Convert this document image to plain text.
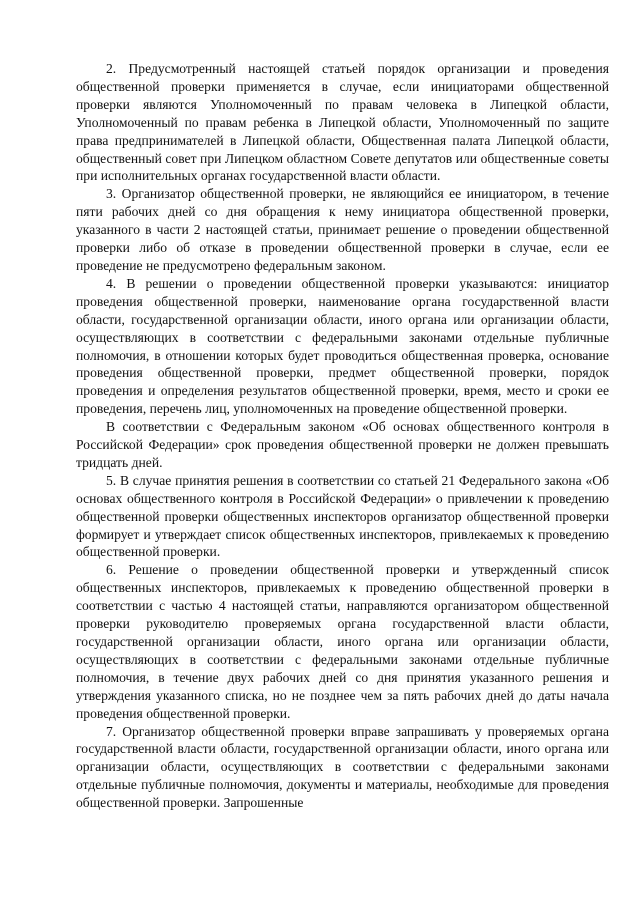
2. Предусмотренный настоящей статьей порядок организации и проведения общественной проверки применяется в случае, если инициаторами общественной проверки являются Уполномоченный по правам человека в Липецкой области, Уполномоченный по правам ребенка в Липецкой области, Уполномоченный по защите права предпринимателей в Липецкой области, Общественная палата Липецкой области, общественный совет при Липецком областном Совете депутатов или общественные советы при исполнительных органах государственной власти области.

3. Организатор общественной проверки, не являющийся ее инициатором, в течение пяти рабочих дней со дня обращения к нему инициатора общественной проверки, указанного в части 2 настоящей статьи, принимает решение о проведении общественной проверки либо об отказе в проведении общественной проверки в случае, если ее проведение не предусмотрено федеральным законом.

4. В решении о проведении общественной проверки указываются: инициатор проведения общественной проверки, наименование органа государственной власти области, государственной организации области, иного органа или организации области, осуществляющих в соответствии с федеральными законами отдельные публичные полномочия, в отношении которых будет проводиться общественная проверка, основание проведения общественной проверки, предмет общественной проверки, порядок проведения и определения результатов общественной проверки, время, место и сроки ее проведения, перечень лиц, уполномоченных на проведение общественной проверки.

В соответствии с Федеральным законом «Об основах общественного контроля в Российской Федерации» срок проведения общественной проверки не должен превышать тридцать дней.

5. В случае принятия решения в соответствии со статьей 21 Федерального закона «Об основах общественного контроля в Российской Федерации» о привлечении к проведению общественной проверки общественных инспекторов организатор общественной проверки формирует и утверждает список общественных инспекторов, привлекаемых к проведению общественной проверки.

6. Решение о проведении общественной проверки и утвержденный список общественных инспекторов, привлекаемых к проведению общественной проверки в соответствии с частью 4 настоящей статьи, направляются организатором общественной проверки руководителю проверяемых органа государственной власти области, государственной организации области, иного органа или организации области, осуществляющих в соответствии с федеральными законами отдельные публичные полномочия, в течение двух рабочих дней со дня принятия указанного решения и утверждения указанного списка, но не позднее чем за пять рабочих дней до даты начала проведения общественной проверки.

7. Организатор общественной проверки вправе запрашивать у проверяемых органа государственной власти области, государственной организации области, иного органа или организации области, осуществляющих в соответствии с федеральными законами отдельные публичные полномочия, документы и материалы, необходимые для проведения общественной проверки. Запрошенные
